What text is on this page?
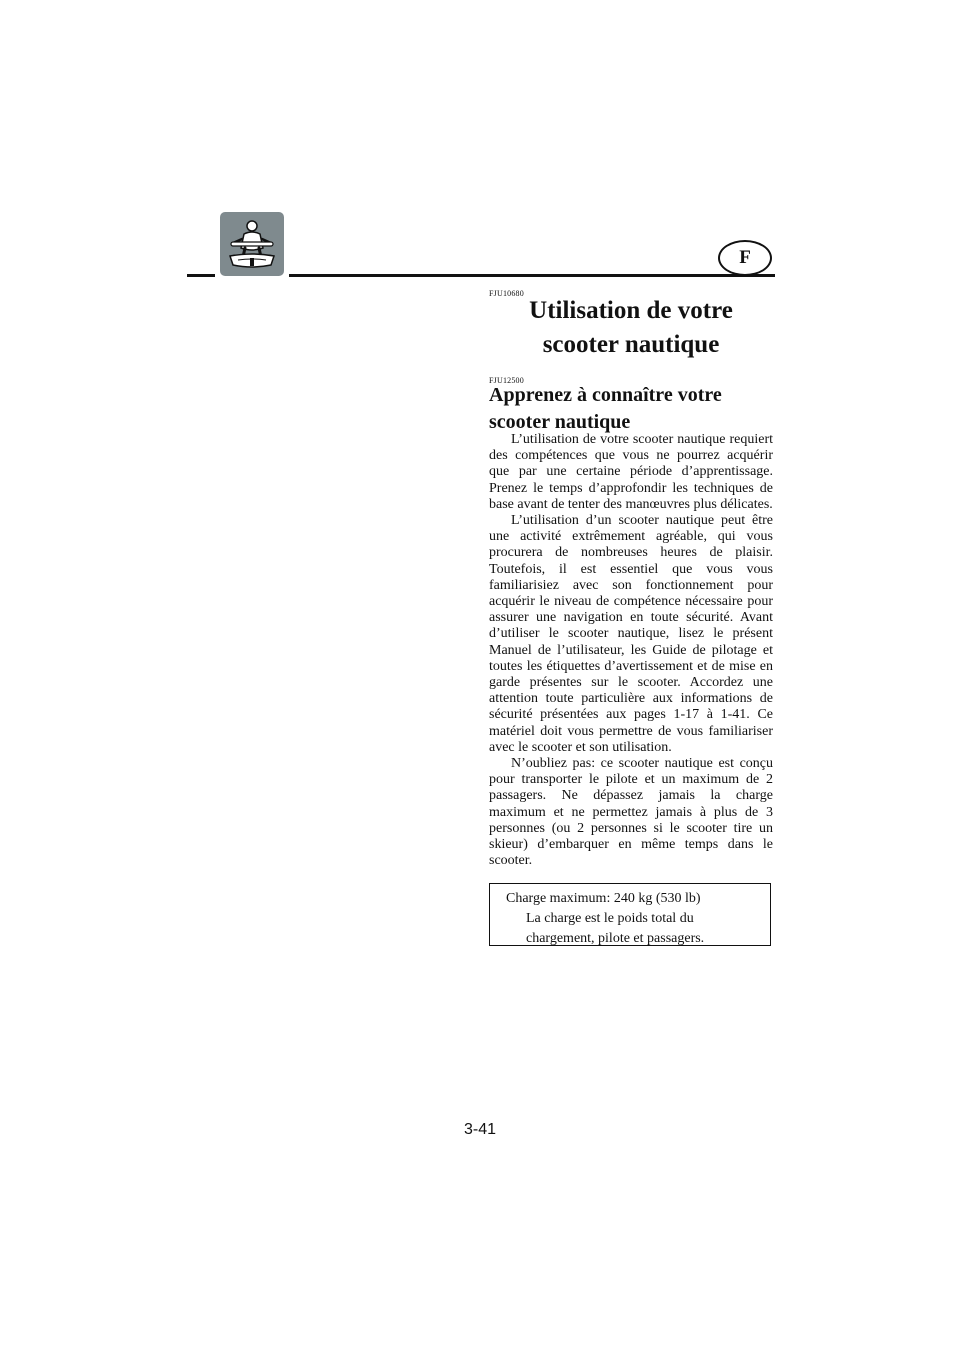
F
FJU10680
Utilisation de votre scooter nautique
FJU12500
Apprenez à connaître votre scooter nautique

L’utilisation de votre scooter nautique requiert des compétences que vous ne pourrez acquérir que par une certaine période d’apprentissage. Prenez le temps d’approfondir les techniques de base avant de tenter des manœuvres plus délicates.

L’utilisation d’un scooter nautique peut être une activité extrêmement agréable, qui vous procurera de nombreuses heures de plaisir. Toutefois, il est essentiel que vous vous familiarisiez avec son fonctionnement pour acquérir le niveau de compétence nécessaire pour assurer une navigation en toute sécurité. Avant d’utiliser le scooter nautique, lisez le présent Manuel de l’utilisateur, les Guide de pilotage et toutes les étiquettes d’avertissement et de mise en garde présentes sur le scooter. Accordez une attention toute particulière aux informations de sécurité présentées aux pages 1-17 à 1-41. Ce matériel doit vous permettre de vous familiariser avec le scooter et son utilisation.

N’oubliez pas: ce scooter nautique est conçu pour transporter le pilote et un maximum de 2 passagers. Ne dépassez jamais la charge maximum et ne permettez jamais à plus de 3 personnes (ou 2 personnes si le scooter tire un skieur) d’embarquer en même temps dans le scooter.

Charge maximum: 240 kg (530 lb)
La charge est le poids total du chargement, pilote et passagers.
3-41
